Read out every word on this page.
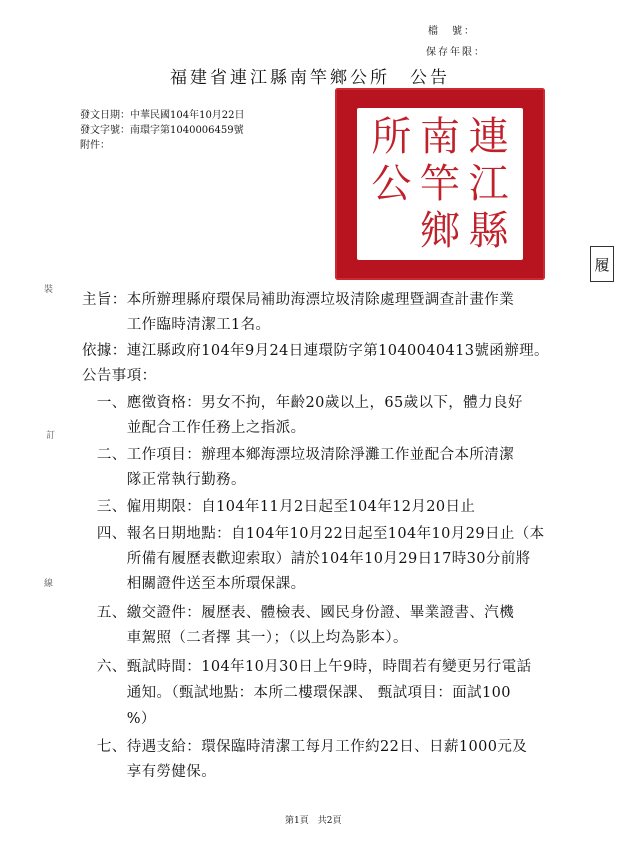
檔　號：
保存年限：
福建省連江縣南竿鄉公所　公告
發文日期：中華民國104年10月22日
發文字號：南環字第1040006459號
附件：	所 南 連
公 竿 江
鄉 縣
履
裝
訂
線
主旨：本所辦理縣府環保局補助海漂垃圾清除處理暨調查計畫作業
　　　工作臨時清潔工1名。
依據：連江縣政府104年9月24日連環防字第1040040413號函辦理。
公告事項：
　一、應徵資格：男女不拘，年齡20歲以上，65歲以下，體力良好
　　　並配合工作任務上之指派。
　二、工作項目：辦理本鄉海漂垃圾清除淨灘工作並配合本所清潔
　　　隊正常執行勤務。
　三、僱用期限：自104年11月2日起至104年12月20日止
　四、報名日期地點：自104年10月22日起至104年10月29日止（本
　　　所備有履歷表歡迎索取）請於104年10月29日17時30分前將
　　　相關證件送至本所環保課。
　五、繳交證件：履歷表、體檢表、國民身份證、畢業證書、汽機
　　　車駕照（二者擇 其一）；（以上均為影本）。
　六、甄試時間：104年10月30日上午9時，時間若有變更另行電話
　　　通知。（甄試地點：本所二樓環保課、 甄試項目：面試100
　　　%）
　七、待遇支給：環保臨時清潔工每月工作約22日、日薪1000元及
　　　享有勞健保。
第1頁　共2頁
